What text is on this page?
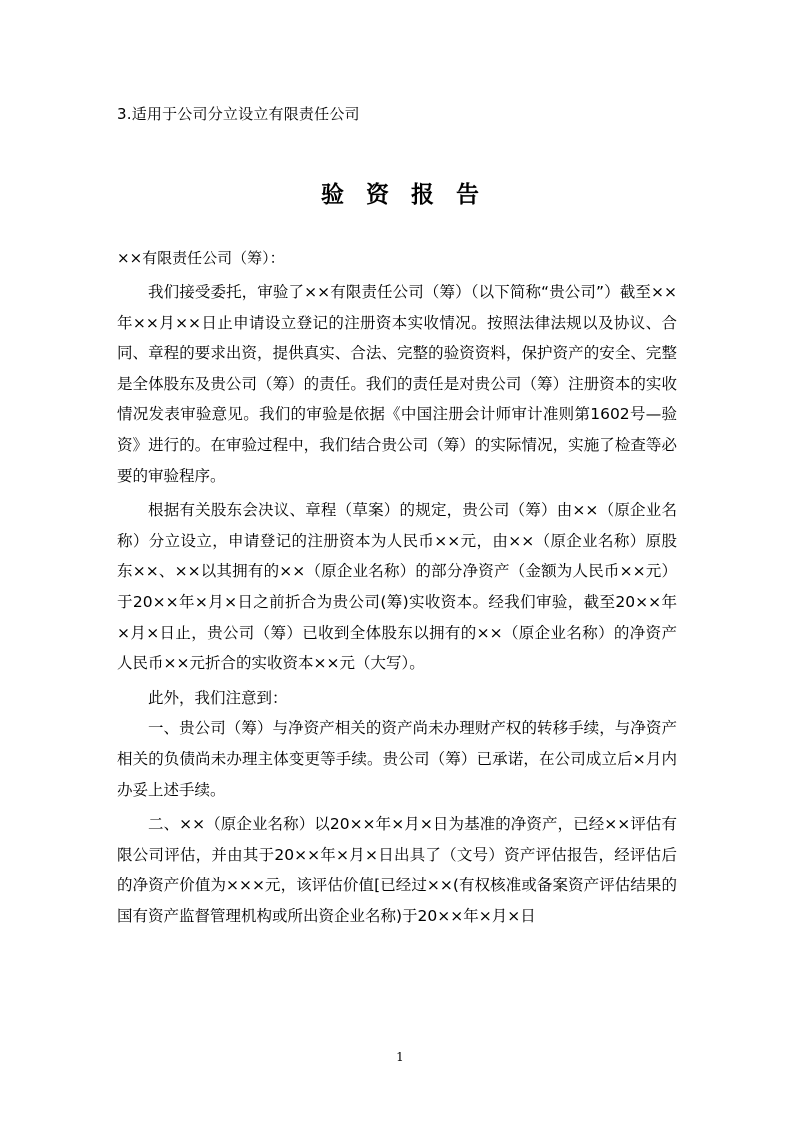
3.适用于公司分立设立有限责任公司
验资报告
××有限责任公司（筹）：

我们接受委托，审验了××有限责任公司（筹）（以下简称“贵公司”）截至××年××月××日止申请设立登记的注册资本实收情况。按照法律法规以及协议、合同、章程的要求出资，提供真实、合法、完整的验资资料，保护资产的安全、完整是全体股东及贵公司（筹）的责任。我们的责任是对贵公司（筹）注册资本的实收情况发表审验意见。我们的审验是依据《中国注册会计师审计准则第1602号—验资》进行的。在审验过程中，我们结合贵公司（筹）的实际情况，实施了检查等必要的审验程序。

根据有关股东会决议、章程（草案）的规定，贵公司（筹）由××（原企业名称）分立设立，申请登记的注册资本为人民币××元，由××（原企业名称）原股东××、××以其拥有的××（原企业名称）的部分净资产（金额为人民币××元）于20××年×月×日之前折合为贵公司(筹)实收资本。经我们审验，截至20××年×月×日止，贵公司（筹）已收到全体股东以拥有的××（原企业名称）的净资产人民币××元折合的实收资本××元（大写）。

此外，我们注意到：

一、贵公司（筹）与净资产相关的资产尚未办理财产权的转移手续，与净资产相关的负债尚未办理主体变更等手续。贵公司（筹）已承诺，在公司成立后×月内办妥上述手续。

二、××（原企业名称）以20××年×月×日为基准的净资产，已经××评估有限公司评估，并由其于20××年×月×日出具了（文号）资产评估报告，经评估后的净资产价值为×××元，该评估价值[已经过××(有权核准或备案资产评估结果的国有资产监督管理机构或所出资企业名称)于20××年×月×日

1
